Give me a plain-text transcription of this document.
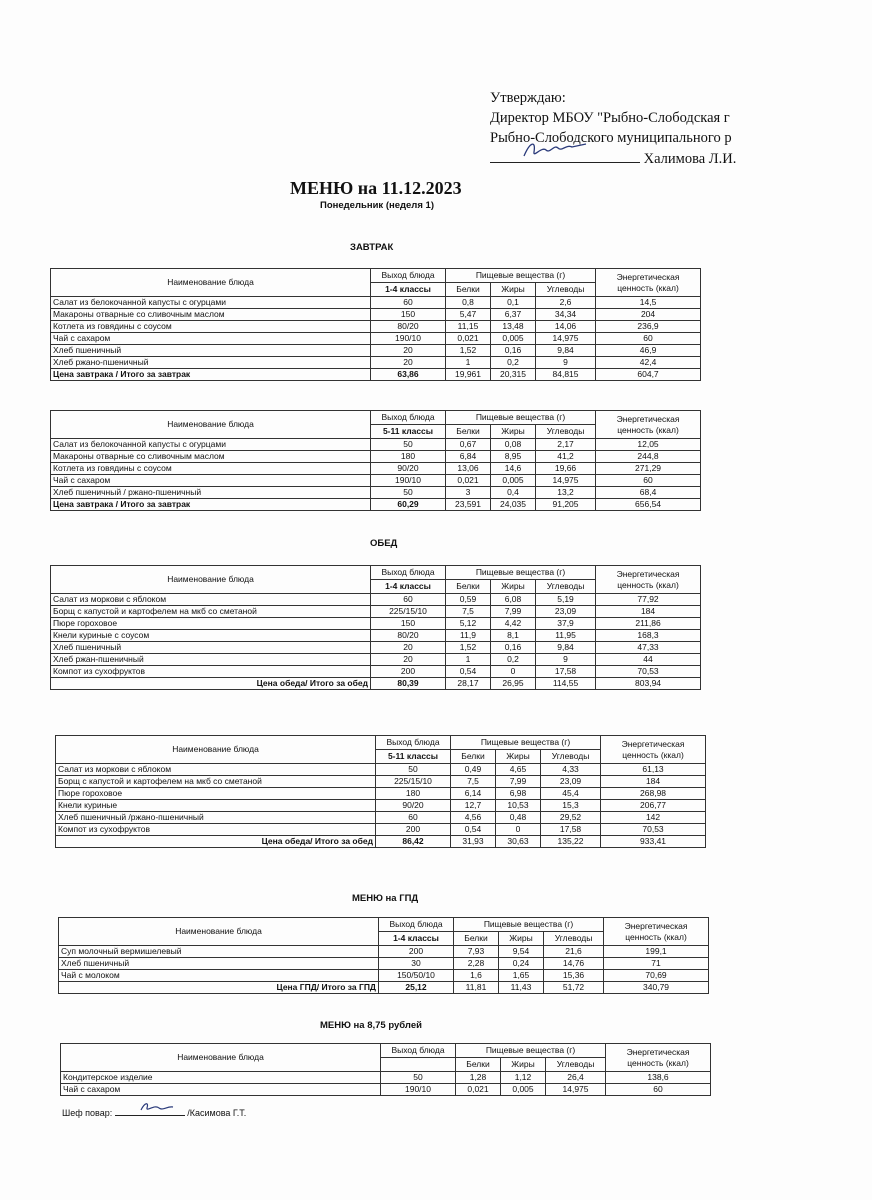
Утверждаю:
Директор МБОУ "Рыбно-Слободская г
Рыбно-Слободского муниципального р
Халимова Л.И.
МЕНЮ на 11.12.2023
Понедельник (неделя 1)
ЗАВТРАК
ОБЕД
МЕНЮ на ГПД
МЕНЮ на 8,75 рублей
Наименование блюда	Выход блюда	Пищевые вещества (г)			Энергетическая
ценность (ккал)

	1-4 классы	Белки	Жиры	Углеводы	
Салат из белокочанной капусты с огурцами	60	0,8	0,1	2,6	14,5
Макароны отварные со сливочным маслом	150	5,47	6,37	34,34	204
Котлета из говядины с соусом	80/20	11,15	13,48	14,06	236,9
Чай с сахаром	190/10	0,021	0,005	14,975	60
Хлеб пшеничный	20	1,52	0,16	9,84	46,9
Хлеб ржано-пшеничный	20	1	0,2	9	42,4
Цена завтрака / Итого за завтрак	63,86	19,961	20,315	84,815	604,7
Наименование блюда	Выход блюда	Пищевые вещества (г)			Энергетическая
ценность (ккал)

	5-11 классы	Белки	Жиры	Углеводы	
Салат из белокочанной капусты с огурцами	50	0,67	0,08	2,17	12,05
Макароны отварные со сливочным маслом	180	6,84	8,95	41,2	244,8
Котлета из говядины с соусом	90/20	13,06	14,6	19,66	271,29
Чай с сахаром	190/10	0,021	0,005	14,975	60
Хлеб пшеничный / ржано-пшеничный	50	3	0,4	13,2	68,4
Цена завтрака / Итого за завтрак	60,29	23,591	24,035	91,205	656,54
Наименование блюда	Выход блюда	Пищевые вещества (г)			Энергетическая
ценность (ккал)

	1-4 классы	Белки	Жиры	Углеводы	
Салат из моркови с яблоком	60	0,59	6,08	5,19	77,92
Борщ с капустой и картофелем на мкб со сметаной	225/15/10	7,5	7,99	23,09	184
Пюре гороховое	150	5,12	4,42	37,9	211,86
Кнели куриные с соусом	80/20	11,9	8,1	11,95	168,3
Хлеб пшеничный	20	1,52	0,16	9,84	47,33
Хлеб ржан-пшеничный	20	1	0,2	9	44
Компот из сухофруктов	200	0,54	0	17,58	70,53
Цена обеда/ Итого за обед	80,39	28,17	26,95	114,55	803,94
Наименование блюда	Выход блюда	Пищевые вещества (г)			Энергетическая
ценность (ккал)

	5-11 классы	Белки	Жиры	Углеводы	
Салат из моркови с яблоком	50	0,49	4,65	4,33	61,13
Борщ с капустой и картофелем на мкб со сметаной	225/15/10	7,5	7,99	23,09	184
Пюре гороховое	180	6,14	6,98	45,4	268,98
Кнели куриные	90/20	12,7	10,53	15,3	206,77
Хлеб пшеничный /ржано-пшеничный	60	4,56	0,48	29,52	142
Компот из сухофруктов	200	0,54	0	17,58	70,53
Цена обеда/ Итого за обед	86,42	31,93	30,63	135,22	933,41
Наименование блюда	Выход блюда	Пищевые вещества (г)			Энергетическая
ценность (ккал)

	1-4 классы	Белки	Жиры	Углеводы	
Суп молочный вермишелевый	200	7,93	9,54	21,6	199,1
Хлеб пшеничный	30	2,28	0,24	14,76	71
Чай с молоком	150/50/10	1,6	1,65	15,36	70,69
Цена ГПД/ Итого за ГПД	25,12	11,81	11,43	51,72	340,79
Наименование блюда	Выход блюда	Пищевые вещества (г)			Энергетическая
ценность (ккал)

		Белки	Жиры	Углеводы	
Кондитерское изделие	50	1,28	1,12	26,4	138,6
Чай с сахаром	190/10	0,021	0,005	14,975	60
Шеф повар:	/Касимова Г.Т.
